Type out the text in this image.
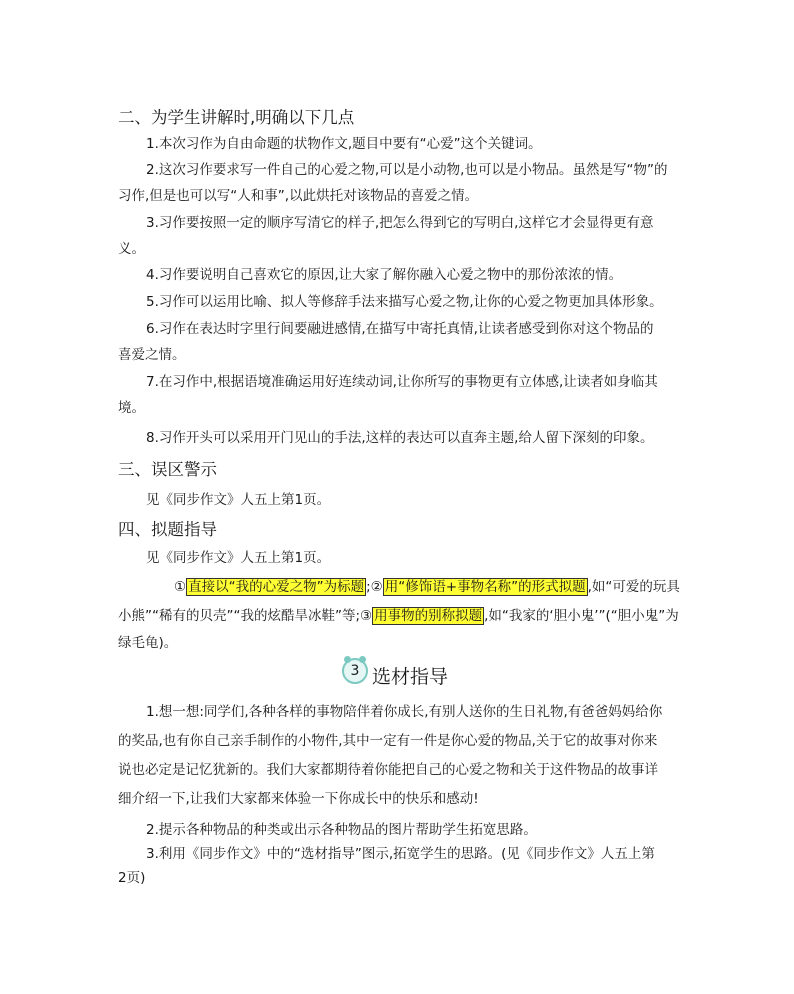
二、为学生讲解时,明确以下几点
1.本次习作为自由命题的状物作文,题目中要有“心爱”这个关键词。
2.这次习作要求写一件自己的心爱之物,可以是小动物,也可以是小物品。虽然是写“物”的
习作,但是也可以写“人和事”,以此烘托对该物品的喜爱之情。
3.习作要按照一定的顺序写清它的样子,把怎么得到它的写明白,这样它才会显得更有意
义。
4.习作要说明自己喜欢它的原因,让大家了解你融入心爱之物中的那份浓浓的情。
5.习作可以运用比喻、拟人等修辞手法来描写心爱之物,让你的心爱之物更加具体形象。
6.习作在表达时字里行间要融进感情,在描写中寄托真情,让读者感受到你对这个物品的
喜爱之情。
7.在习作中,根据语境准确运用好连续动词,让你所写的事物更有立体感,让读者如身临其
境。
8.习作开头可以采用开门见山的手法,这样的表达可以直奔主题,给人留下深刻的印象。
三、误区警示
见《同步作文》人五上第1页。
四、拟题指导
见《同步作文》人五上第1页。
① 直接以“我的心爱之物”为标题 ;② 用“修饰语+事物名称”的形式拟题 ,如“可爱的玩具
小熊”“稀有的贝壳”“我的炫酷旱冰鞋”等;③ 用事物的别称拟题 ,如“我家的‘胆小鬼’”(“胆小鬼”为
绿毛龟)。
3 选材指导
1.想一想:同学们,各种各样的事物陪伴着你成长,有别人送你的生日礼物,有爸爸妈妈给你
的奖品,也有你自己亲手制作的小物件,其中一定有一件是你心爱的物品,关于它的故事对你来
说也必定是记忆犹新的。我们大家都期待着你能把自己的心爱之物和关于这件物品的故事详
细介绍一下,让我们大家都来体验一下你成长中的快乐和感动!
2.提示各种物品的种类或出示各种物品的图片帮助学生拓宽思路。
3.利用《同步作文》中的“选材指导”图示,拓宽学生的思路。(见《同步作文》人五上第
2页)
